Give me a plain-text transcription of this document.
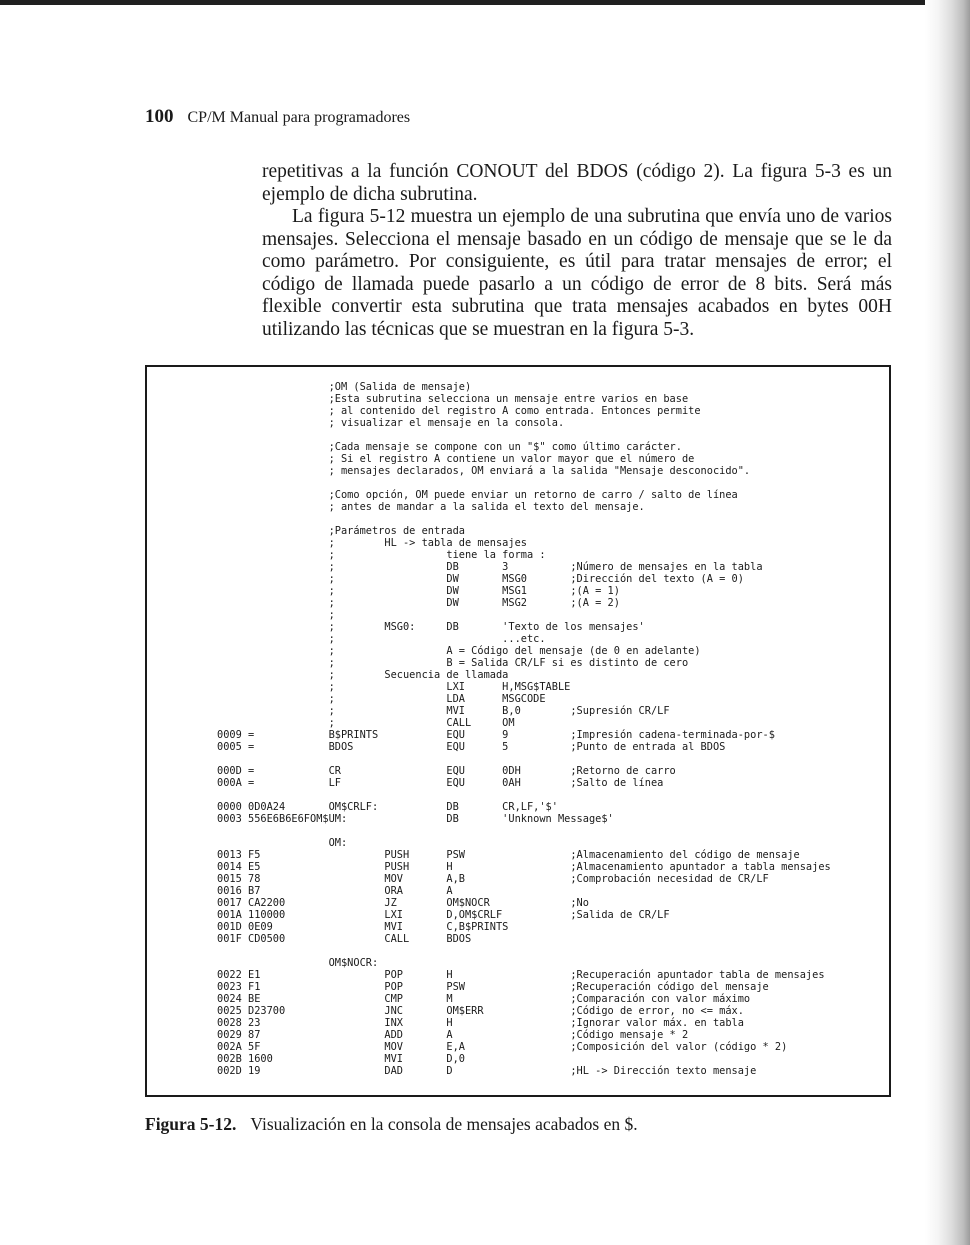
100 CP/M Manual para programadores

repetitivas a la función CONOUT del BDOS (código 2). La figura 5-3 es un ejemplo de dicha subrutina.

La figura 5-12 muestra un ejemplo de una subrutina que envía uno de varios mensajes. Selecciona el mensaje basado en un código de mensaje que se le da como parámetro. Por consiguiente, es útil para tratar mensajes de error; el código de llamada puede pasarlo a un código de error de 8 bits. Será más flexible convertir esta subrutina que trata mensajes acabados en bytes 00H utilizando las técnicas que se muestran en la figura 5-3.

;OM (Salida de mensaje)
;Esta subrutina selecciona un mensaje entre varios en base
; al contenido del registro A como entrada. Entonces permite
; visualizar el mensaje en la consola.

;Cada mensaje se compone con un "$" como último carácter.
; Si el registro A contiene un valor mayor que el número de
; mensajes declarados, OM enviará a la salida "Mensaje desconocido".

;Como opción, OM puede enviar un retorno de carro / salto de línea
; antes de mandar a la salida el texto del mensaje.

;Parámetros de entrada
;        HL -> tabla de mensajes
;                  tiene la forma :
;                  DB       3          ;Número de mensajes en la tabla
;                  DW       MSG0       ;Dirección del texto (A = 0)
;                  DW       MSG1       ;(A = 1)
;                  DW       MSG2       ;(A = 2)
;
;        MSG0:     DB       'Texto de los mensajes'
;                           ...etc.
;                  A = Código del mensaje (de 0 en adelante)
;                  B = Salida CR/LF si es distinto de cero
;        Secuencia de llamada
;                  LXI      H,MSG$TABLE
;                  LDA      MSGCODE
;                  MVI      B,0        ;Supresión CR/LF
;                  CALL     OM
0009 =            B$PRINTS           EQU      9          ;Impresión cadena-terminada-por-$
0005 =            BDOS               EQU      5          ;Punto de entrada al BDOS

000D =            CR                 EQU      0DH        ;Retorno de carro
000A =            LF                 EQU      0AH        ;Salto de línea

0000 0D0A24       OM$CRLF:           DB       CR,LF,'$'
0003 556E6B6E6FOM$UM:                DB       'Unknown Message$'

OM:
0013 F5                    PUSH      PSW                 ;Almacenamiento del código de mensaje
0014 E5                    PUSH      H                   ;Almacenamiento apuntador a tabla mensajes
0015 78                    MOV       A,B                 ;Comprobación necesidad de CR/LF
0016 B7                    ORA       A
0017 CA2200                JZ        OM$NOCR             ;No
001A 110000                LXI       D,OM$CRLF           ;Salida de CR/LF
001D 0E09                  MVI       C,B$PRINTS
001F CD0500                CALL      BDOS

OM$NOCR:
0022 E1                    POP       H                   ;Recuperación apuntador tabla de mensajes
0023 F1                    POP       PSW                 ;Recuperación código del mensaje
0024 BE                    CMP       M                   ;Comparación con valor máximo
0025 D23700                JNC       OM$ERR              ;Código de error, no <= máx.
0028 23                    INX       H                   ;Ignorar valor máx. en tabla
0029 87                    ADD       A                   ;Código mensaje * 2
002A 5F                    MOV       E,A                 ;Composición del valor (código * 2)
002B 1600                  MVI       D,0
002D 19                    DAD       D                   ;HL -> Dirección texto mensaje
Figura 5-12. Visualización en la consola de mensajes acabados en $.
